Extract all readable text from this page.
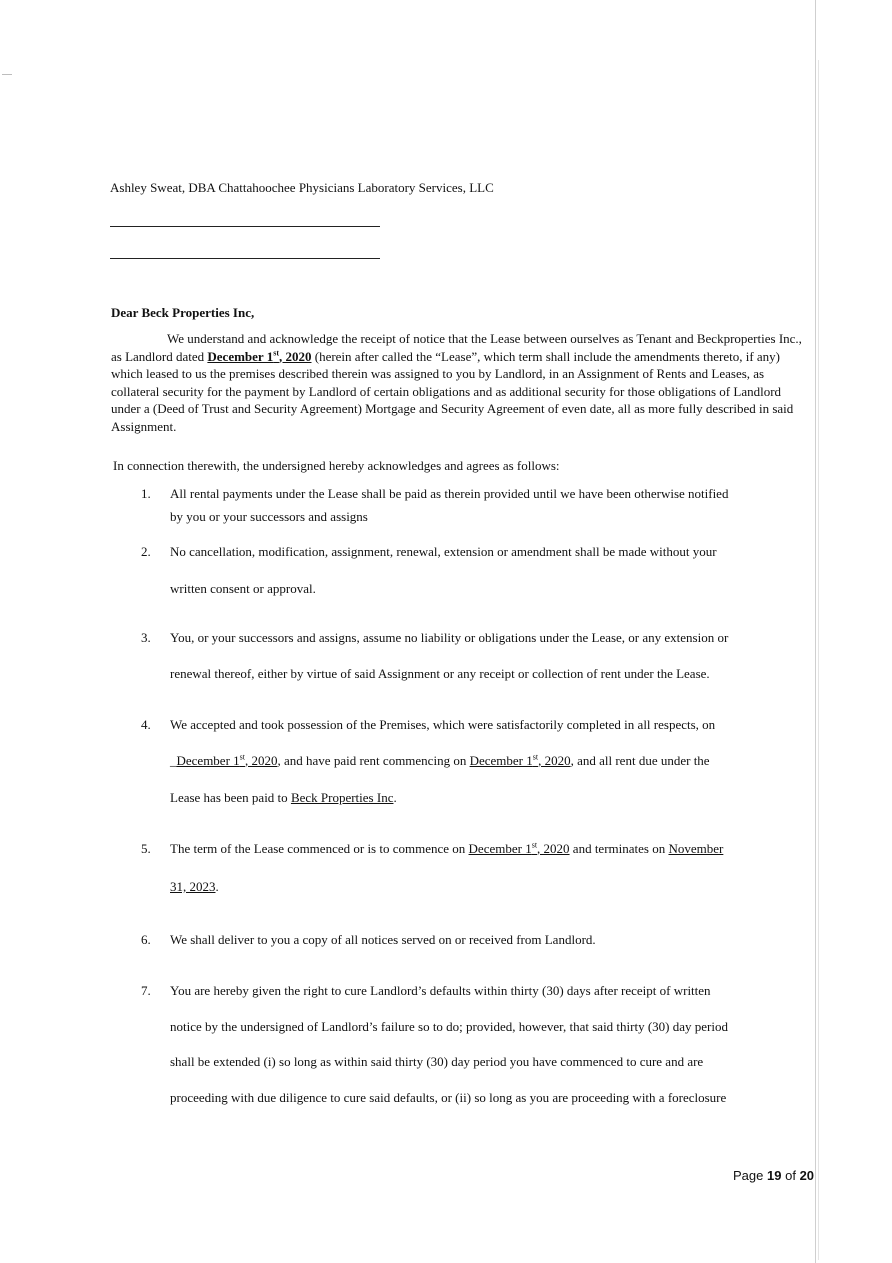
Ashley Sweat, DBA Chattahoochee Physicians Laboratory Services, LLC
Dear Beck Properties Inc,
We understand and acknowledge the receipt of notice that the Lease between ourselves as Tenant and Beckproperties Inc., as Landlord dated December 1st, 2020 (herein after called the “Lease”, which term shall include the amendments thereto, if any) which leased to us the premises described therein was assigned to you by Landlord, in an Assignment of Rents and Leases, as collateral security for the payment by Landlord of certain obligations and as additional security for those obligations of Landlord under a (Deed of Trust and Security Agreement) Mortgage and Security Agreement of even date, all as more fully described in said Assignment.
In connection therewith, the undersigned hereby acknowledges and agrees as follows:
1. All rental payments under the Lease shall be paid as therein provided until we have been otherwise notified
by you or your successors and assigns
2. No cancellation, modification, assignment, renewal, extension or amendment shall be made without your
written consent or approval.
3. You, or your successors and assigns, assume no liability or obligations under the Lease, or any extension or
renewal thereof, either by virtue of said Assignment or any receipt or collection of rent under the Lease.
4. We accepted and took possession of the Premises, which were satisfactorily completed in all respects, on
_December 1st, 2020, and have paid rent commencing on December 1st, 2020, and all rent due under the
Lease has been paid to Beck Properties Inc.
5. The term of the Lease commenced or is to commence on December 1st, 2020 and terminates on November
31, 2023.
6. We shall deliver to you a copy of all notices served on or received from Landlord.
7. You are hereby given the right to cure Landlord’s defaults within thirty (30) days after receipt of written
notice by the undersigned of Landlord’s failure so to do; provided, however, that said thirty (30) day period
shall be extended (i) so long as within said thirty (30) day period you have commenced to cure and are
proceeding with due diligence to cure said defaults, or (ii) so long as you are proceeding with a foreclosure
Page 19 of 20
